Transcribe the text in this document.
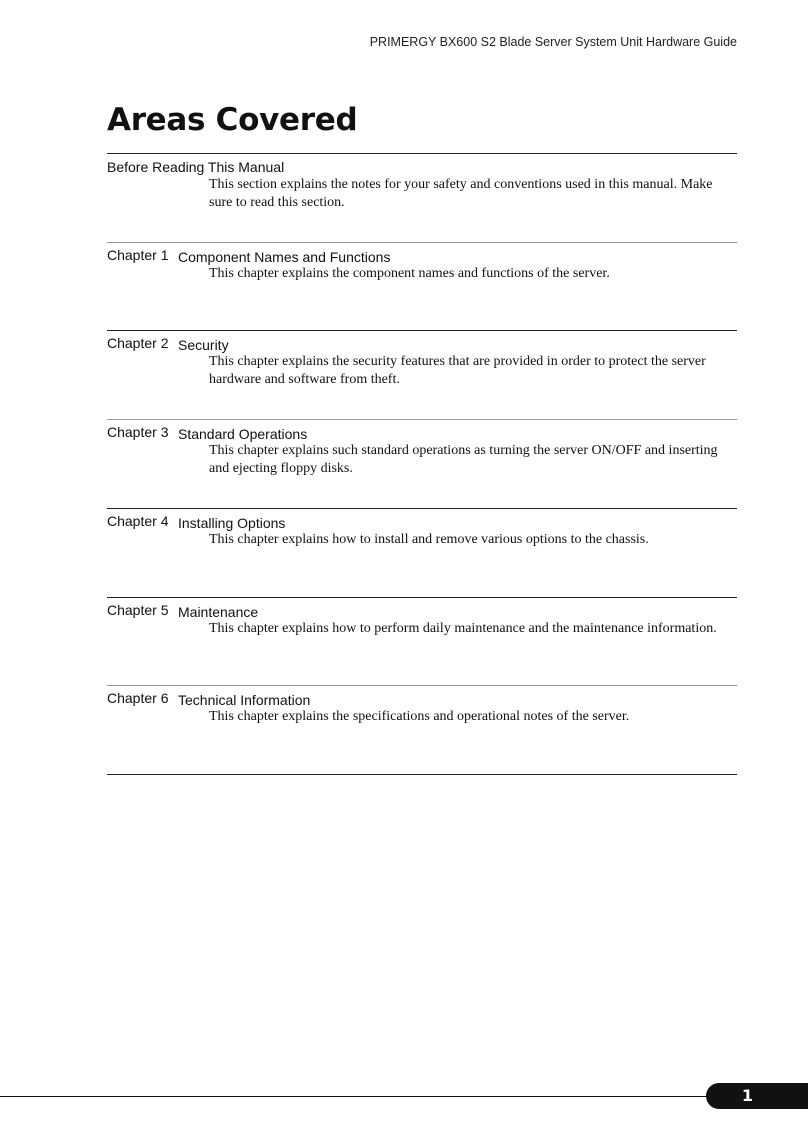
PRIMERGY BX600 S2 Blade Server System Unit Hardware Guide
Areas Covered
Before Reading This Manual
This section explains the notes for your safety and conventions used in this manual. Make sure to read this section.
Chapter 1 Component Names and Functions
This chapter explains the component names and functions of the server.
Chapter 2 Security
This chapter explains the security features that are provided in order to protect the server hardware and software from theft.
Chapter 3 Standard Operations
This chapter explains such standard operations as turning the server ON/OFF and inserting and ejecting floppy disks.
Chapter 4 Installing Options
This chapter explains how to install and remove various options to the chassis.
Chapter 5 Maintenance
This chapter explains how to perform daily maintenance and the maintenance information.
Chapter 6 Technical Information
This chapter explains the specifications and operational notes of the server.
1
